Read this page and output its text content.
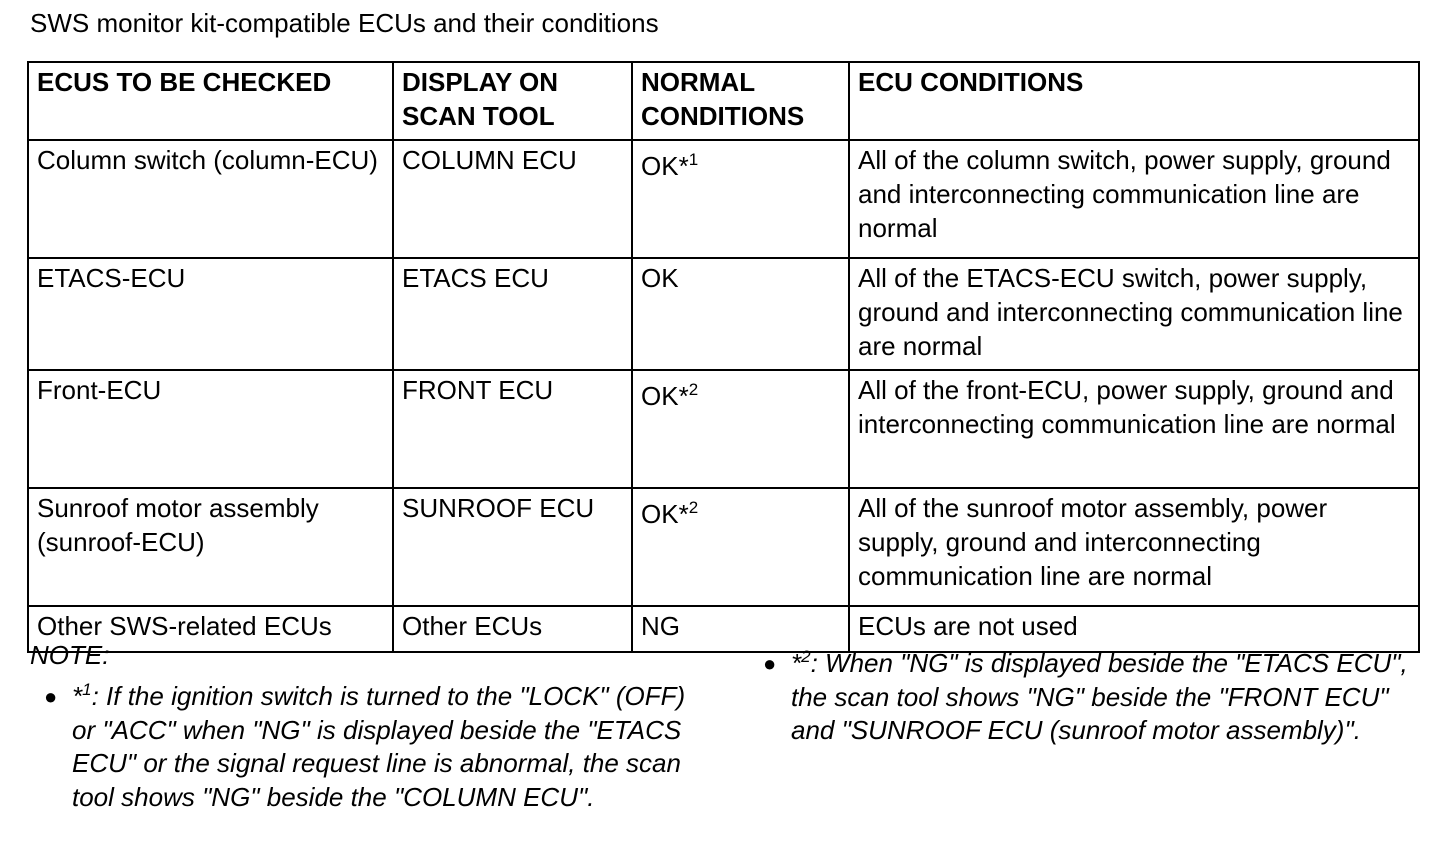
SWS monitor kit-compatible ECUs and their conditions
ECUS TO BE CHECKED	DISPLAY ON SCAN TOOL	NORMAL CONDITIONS	ECU CONDITIONS
Column switch (column-ECU)	COLUMN ECU	OK*$^1$	All of the column switch, power supply, ground and interconnecting communication line are normal
ETACS-ECU	ETACS ECU	OK	All of the ETACS-ECU switch, power supply, ground and interconnecting communication line are normal
Front-ECU	FRONT ECU	OK*$^2$	All of the front-ECU, power supply, ground and interconnecting communication line are normal
Sunroof motor assembly (sunroof-ECU)	SUNROOF ECU	OK*$^2$	All of the sunroof motor assembly, power supply, ground and interconnecting communication line are normal
Other SWS-related ECUs	Other ECUs	NG	ECUs are not used
NOTE:
● *$^1$: If the ignition switch is turned to the "LOCK" (OFF) or "ACC" when "NG" is displayed beside the "ETACS ECU" or the signal request line is abnormal, the scan tool shows "NG" beside the "COLUMN ECU".
● *$^2$: When "NG" is displayed beside the "ETACS ECU", the scan tool shows "NG" beside the "FRONT ECU" and "SUNROOF ECU (sunroof motor assembly)".
